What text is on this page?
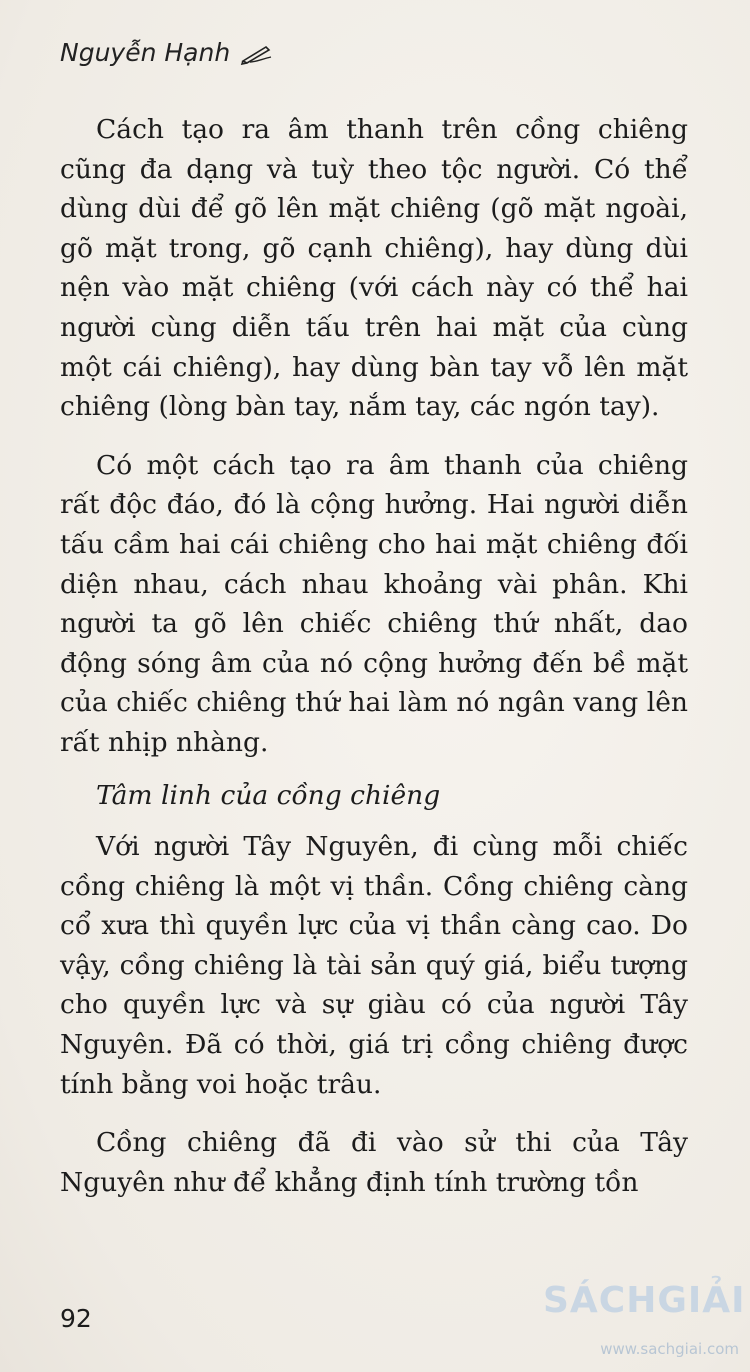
Nguyễn Hạnh

Cách tạo ra âm thanh trên cồng chiêng cũng đa dạng và tuỳ theo tộc người. Có thể dùng dùi để gõ lên mặt chiêng (gõ mặt ngoài, gõ mặt trong, gõ cạnh chiêng), hay dùng dùi nện vào mặt chiêng (với cách này có thể hai người cùng diễn tấu trên hai mặt của cùng một cái chiêng), hay dùng bàn tay vỗ lên mặt chiêng (lòng bàn tay, nắm tay, các ngón tay).

Có một cách tạo ra âm thanh của chiêng rất độc đáo, đó là cộng hưởng. Hai người diễn tấu cầm hai cái chiêng cho hai mặt chiêng đối diện nhau, cách nhau khoảng vài phân. Khi người ta gõ lên chiếc chiêng thứ nhất, dao động sóng âm của nó cộng hưởng đến bề mặt của chiếc chiêng thứ hai làm nó ngân vang lên rất nhịp nhàng.

Tâm linh của cồng chiêng

Với người Tây Nguyên, đi cùng mỗi chiếc cồng chiêng là một vị thần. Cồng chiêng càng cổ xưa thì quyền lực của vị thần càng cao. Do vậy, cồng chiêng là tài sản quý giá, biểu tượng cho quyền lực và sự giàu có của người Tây Nguyên. Đã có thời, giá trị cồng chiêng được tính bằng voi hoặc trâu.

Cồng chiêng đã đi vào sử thi của Tây Nguyên như để khẳng định tính trường tồn

92	SÁCHGIẢI
www.sachgiai.com
